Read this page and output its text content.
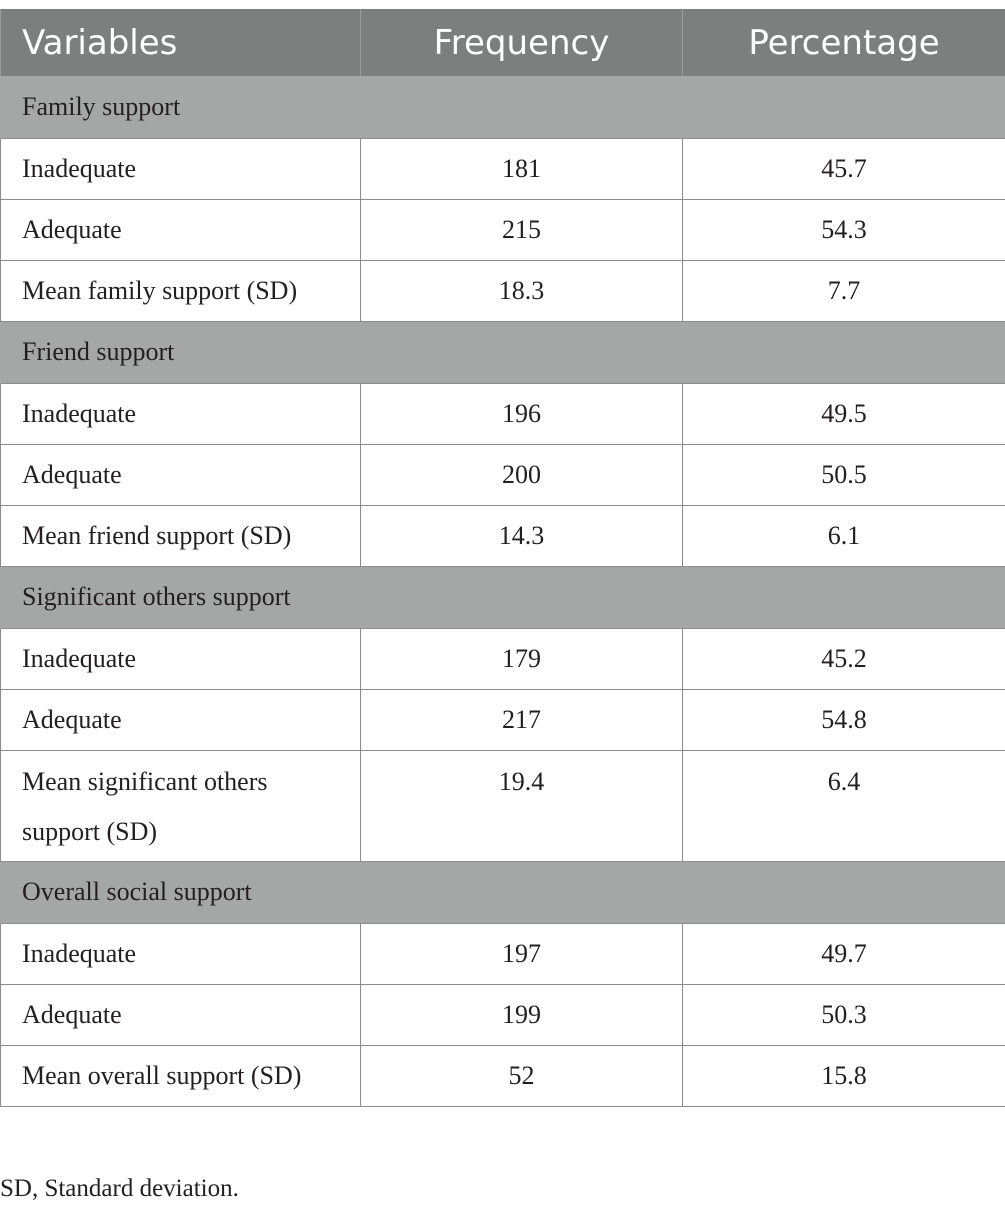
Variables	Frequency	Percentage
Family support		
Inadequate	181	45.7
Adequate	215	54.3
Mean family support (SD)	18.3	7.7
Friend support		
Inadequate	196	49.5
Adequate	200	50.5
Mean friend support (SD)	14.3	6.1
Significant others support		
Inadequate	179	45.2
Adequate	217	54.8
Mean significant others support (SD)	19.4	6.4
Overall social support		
Inadequate	197	49.7
Adequate	199	50.3
Mean overall support (SD)	52	15.8

SD, Standard deviation.
